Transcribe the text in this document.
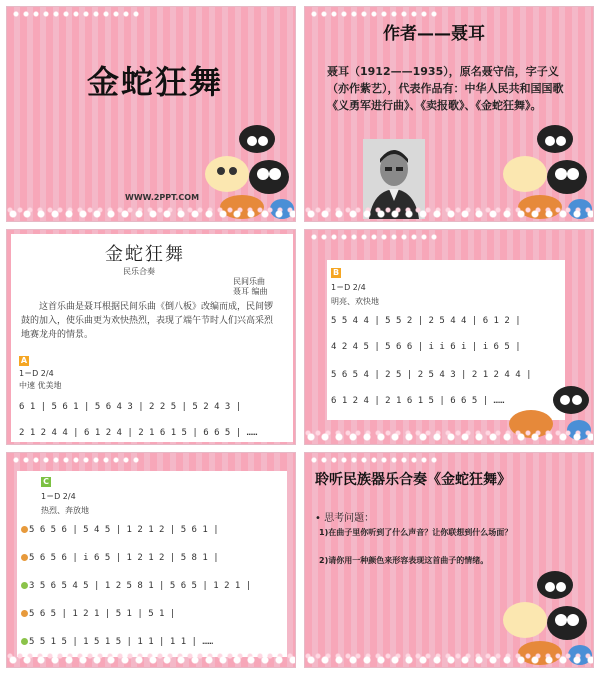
金蛇狂舞
WWW.2PPT.COM
作者——聂耳
聂耳（1912——1935），原名聂守信，字子义（亦作紫艺），代表作品有：中华人民共和国国歌《义勇军进行曲》、《卖报歌》、《金蛇狂舞》。
金蛇狂舞
民乐合奏
民间乐曲
聂耳 编曲
这首乐曲是聂耳根据民间乐曲《倒八板》改编而成，民间锣鼓的加入，使乐曲更为欢快热烈，表现了端午节时人们兴高采烈地赛龙舟的情景。
A
1＝D 2/4
中速 优美地
6 1 | 5 6 1 | 5 6 4 3 | 2 2 5 | 5 2 4 3 |
2 1 2 4 4 | 6 1 2 4 | 2 1 6 1 5 | 6 6 5 | ……
B
1＝D 2/4
明亮、欢快地
5 5 4 4 | 5 5 2 | 2 5 4 4 | 6 1 2 |
4 2 4 5 | 5 6 6 | i i 6 i | i 6 5 |
5 6 5 4 | 2 5 | 2 5 4 3 | 2 1 2 4 4 |
6 1 2 4 | 2 1 6 1 5 | 6 6 5 | ……
C
1＝D 2/4
热烈、奔放地
5 6 5 6 | 5 4 5 | 1 2 1 2 | 5 6 1 |
5 6 5 6 | i 6 5 | 1 2 1 2 | 5 8 1 |
3 5 6 5 4 5 | 1 2 5 8 1 | 5 6 5 | 1 2 1 |
5 6 5 | 1 2 1 | 5 1 | 5 1 |
5 5 1 5 | 1 5 1 5 | 1 1 | 1 1 | ……
聆听民族器乐合奏《金蛇狂舞》
• 思考问题：
1)在曲子里你听到了什么声音？让你联想到什么场面？
2)请你用一种颜色来形容表现这首曲子的情绪。
